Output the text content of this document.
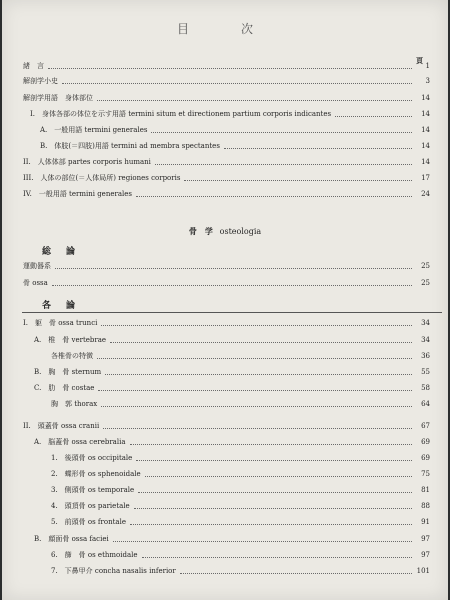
目　次
頁
緒　言	1
解剖学小史	3
解剖学用語　身体部位	14
I.　身体各部の体位を示す用語 termini situm et directionem partium corporis indicantes	14
A.　一般用語 termini generales	14
B.　体肢(＝四肢)用語 termini ad membra spectantes	14
II.　人体体部 partes corporis humani	14
III.　人体の部位(＝人体局所) regiones corporis	17
IV.　一般用語 termini generales	24
骨　学 osteologia
総　論
運動器系	25
骨 ossa	25
各　論
I.　躯　骨 ossa trunci	34
A.　椎　骨 vertebrae	34
各椎骨の特徴	36
B.　胸　骨 sternum	55
C.　肋　骨 costae	58
胸　郭 thorax	64
II.　頭蓋骨 ossa cranii	67
A.　脳蓋骨 ossa cerebralia	69
1.　後頭骨 os occipitale	69
2.　蝶形骨 os sphenoidale	75
3.　側頭骨 os temporale	81
4.　頭頂骨 os parietale	88
5.　前頭骨 os frontale	91
B.　顔面骨 ossa faciei	97
6.　篩　骨 os ethmoidale	97
7.　下鼻甲介 concha nasalis inferior	101
